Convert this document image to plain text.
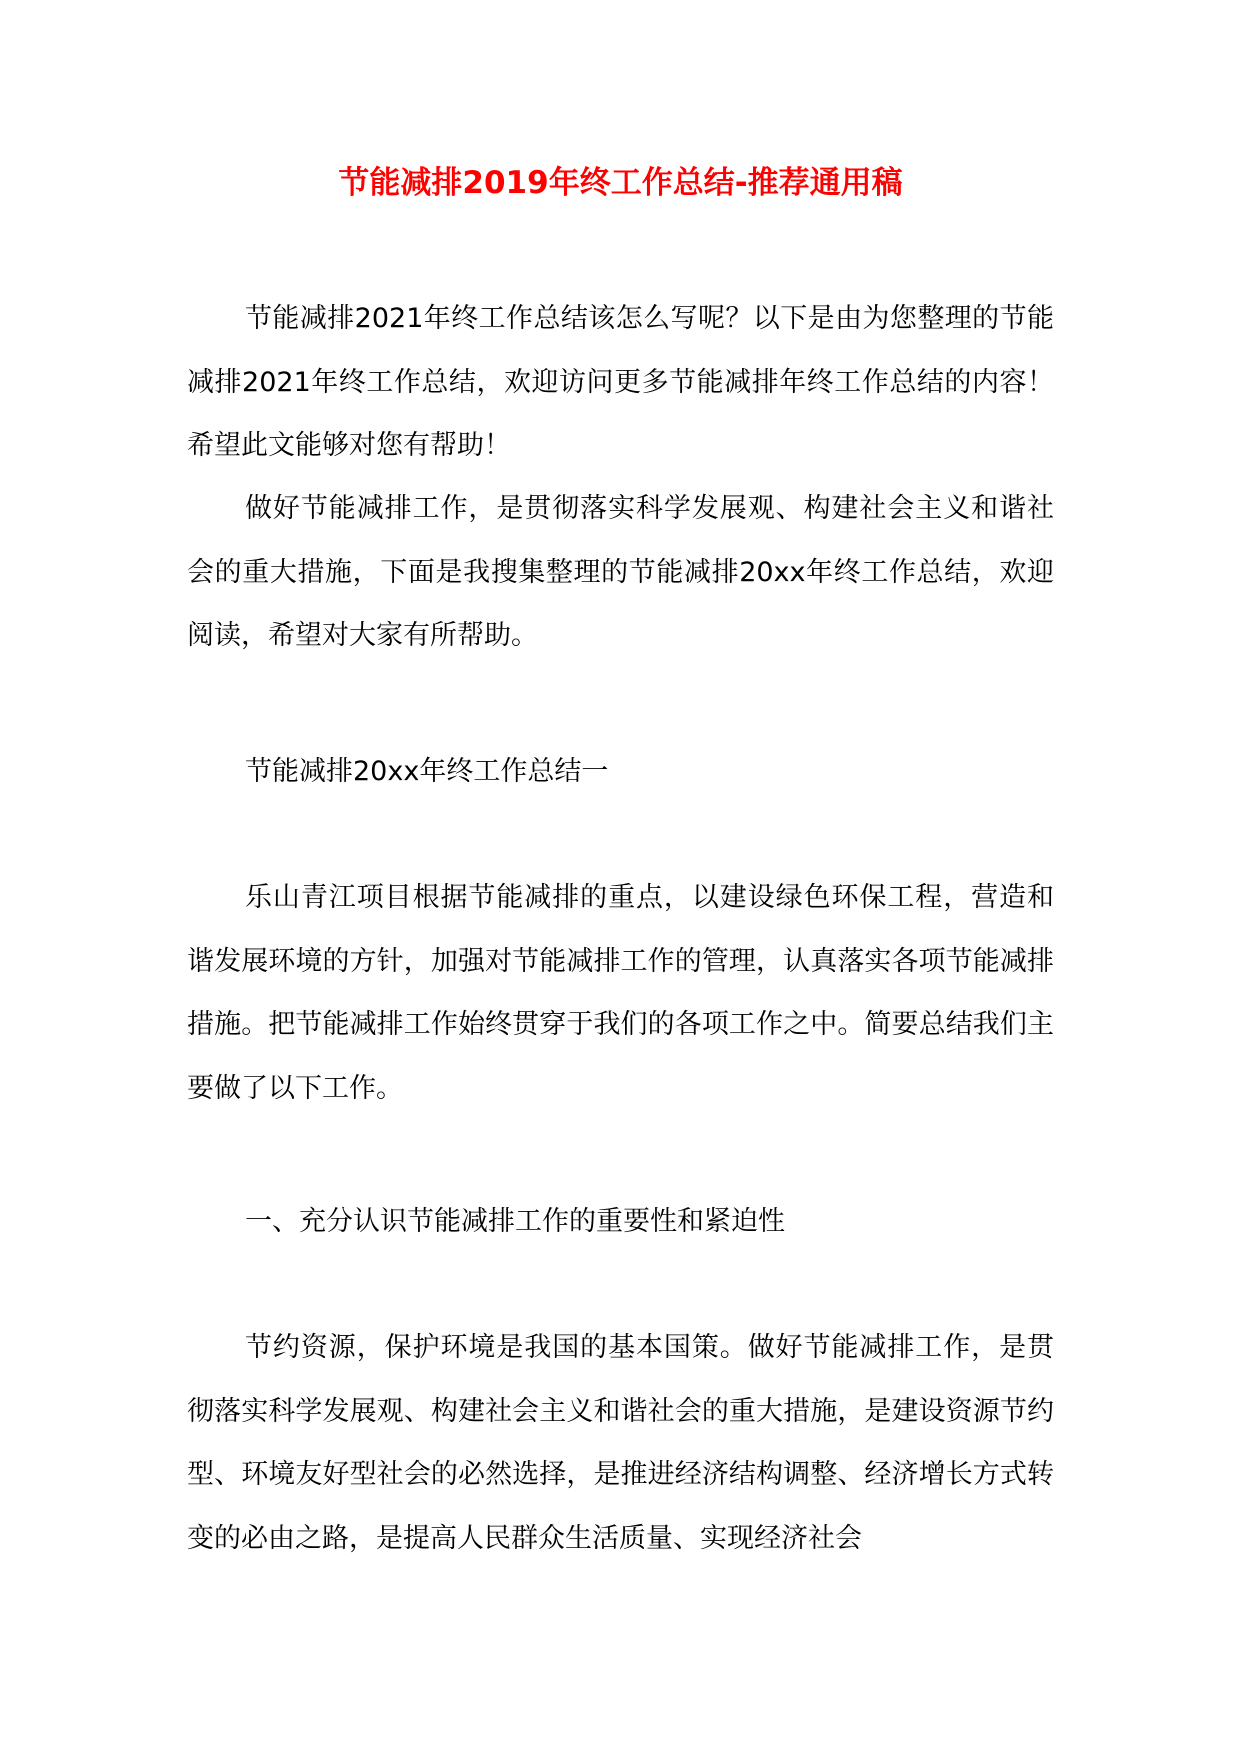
节能减排2019年终工作总结-推荐通用稿

节能减排2021年终工作总结该怎么写呢？以下是由为您整理的节能减排2021年终工作总结，欢迎访问更多节能减排年终工作总结的内容！希望此文能够对您有帮助！

做好节能减排工作，是贯彻落实科学发展观、构建社会主义和谐社会的重大措施，下面是我搜集整理的节能减排20xx年终工作总结，欢迎阅读，希望对大家有所帮助。

节能减排20xx年终工作总结一

乐山青江项目根据节能减排的重点，以建设绿色环保工程，营造和谐发展环境的方针，加强对节能减排工作的管理，认真落实各项节能减排措施。把节能减排工作始终贯穿于我们的各项工作之中。简要总结我们主要做了以下工作。

一、充分认识节能减排工作的重要性和紧迫性

节约资源，保护环境是我国的基本国策。做好节能减排工作，是贯彻落实科学发展观、构建社会主义和谐社会的重大措施，是建设资源节约型、环境友好型社会的必然选择，是推进经济结构调整、经济增长方式转变的必由之路，是提高人民群众生活质量、实现经济社会
